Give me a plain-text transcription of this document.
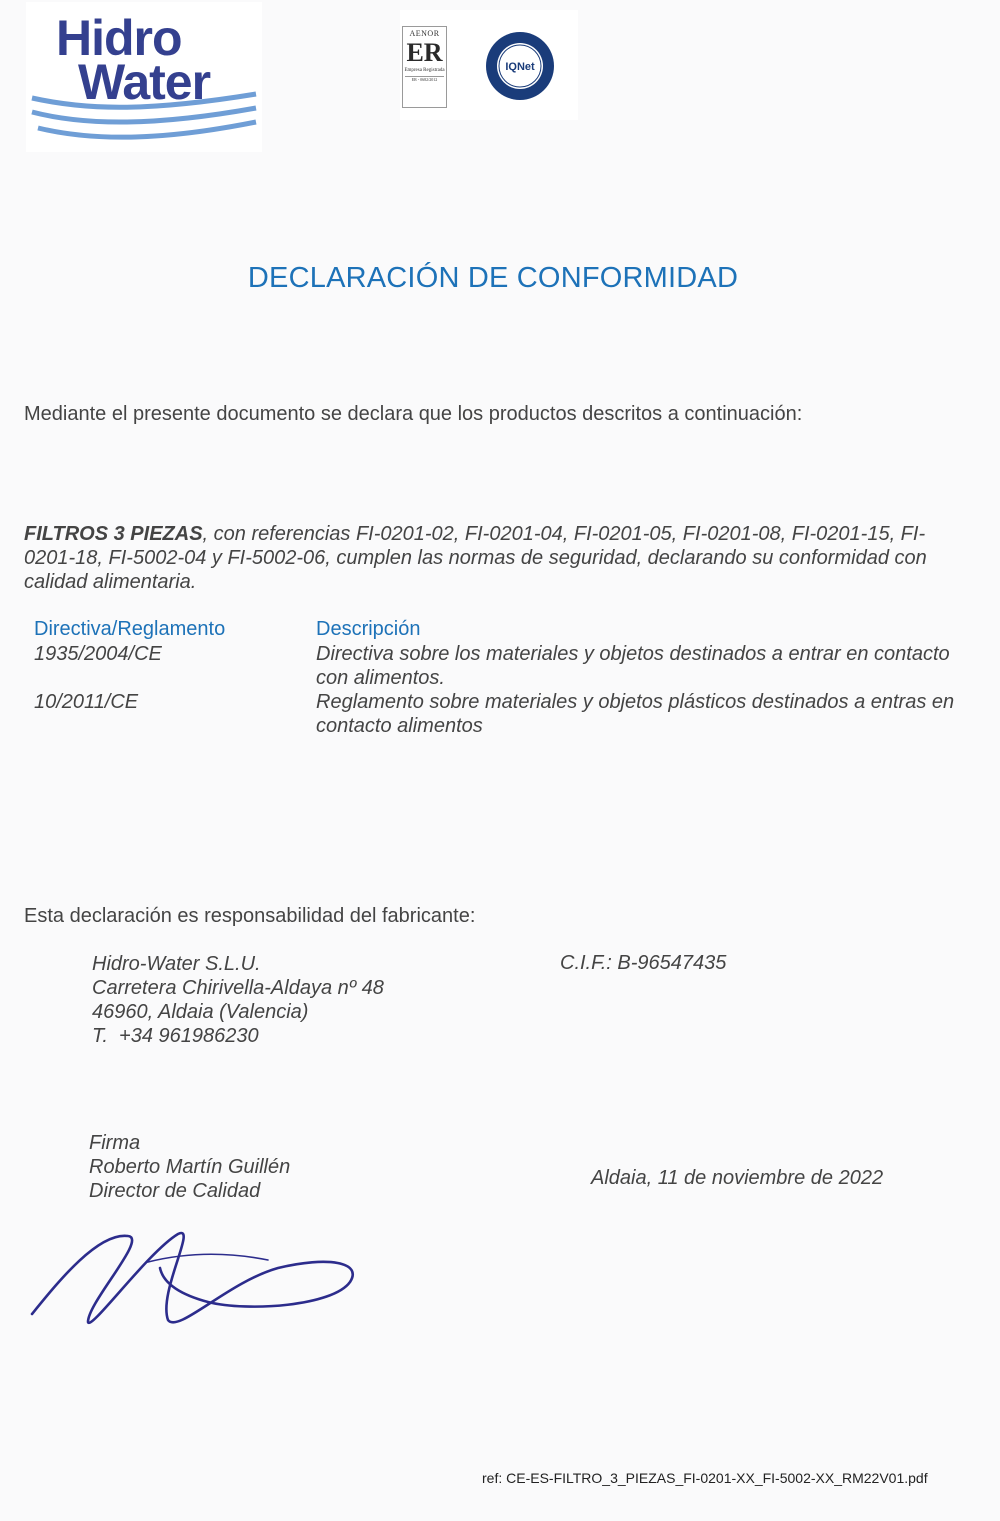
Hidro
Water
AENOR
ER
Empresa Registrada
ER - 0682/2012
IQNet
DECLARACIÓN DE CONFORMIDAD
Mediante el presente documento se declara que los productos descritos a continuación:
FILTROS 3 PIEZAS, con referencias FI-0201-02, FI-0201-04, FI-0201-05, FI-0201-08, FI-0201-15, FI-0201-18, FI-5002-04 y FI-5002-06, cumplen las normas de seguridad, declarando su conformidad con calidad alimentaria.
Directiva/Reglamento	Descripción
1935/2004/CE	Directiva sobre los materiales y objetos destinados a entrar en contacto con alimentos.
10/2011/CE	Reglamento sobre materiales y objetos plásticos destinados a entras en contacto alimentos
Esta declaración es responsabilidad del fabricante:
Hidro-Water S.L.U.
Carretera Chirivella-Aldaya nº 48
46960, Aldaia (Valencia)
T.  +34 961986230
C.I.F.: B-96547435
Firma
Roberto Martín Guillén
Director de Calidad
Aldaia, 11 de noviembre de 2022
ref: CE-ES-FILTRO_3_PIEZAS_FI-0201-XX_FI-5002-XX_RM22V01.pdf
